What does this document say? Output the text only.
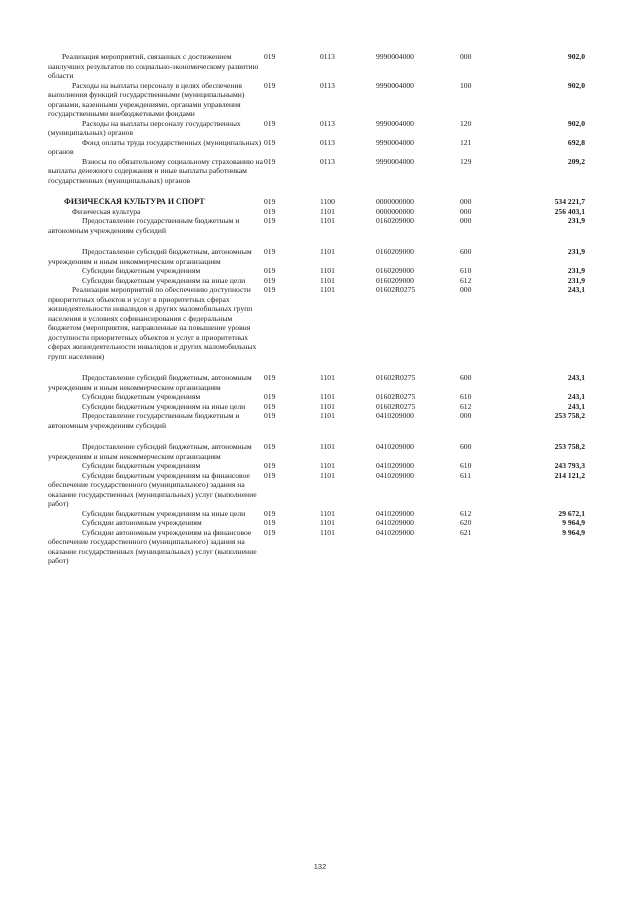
Реализация мероприятий, связанных с достижением наилучших результатов по социально-экономическому развитию области	019	0113	9990004000	000	902,0
Расходы на выплаты персоналу в целях обеспечения выполнения функций государственными (муниципальными) органами, казенными учреждениями, органами управления государственными внебюджетными фондами	019	0113	9990004000	100	902,0
Расходы на выплаты персоналу государственных (муниципальных) органов	019	0113	9990004000	120	902,0
Фонд оплаты труда государственных (муниципальных) органов	019	0113	9990004000	121	692,8
Взносы по обязательному социальному страхованию на выплаты денежного содержания и иные выплаты работникам государственных (муниципальных) органов	019	0113	9990004000	129	209,2

ФИЗИЧЕСКАЯ КУЛЬТУРА И СПОРТ	019	1100	0000000000	000	534 221,7
Физическая культура	019	1101	0000000000	000	256 403,1
Предоставление государственным бюджетным и автономным учреждениям субсидий	019	1101	0160209000	000	231,9

Предоставление субсидий бюджетным, автономным учреждениям и иным некоммерческим организациям	019	1101	0160209000	600	231,9
Субсидии бюджетным учреждениям	019	1101	0160209000	610	231,9
Субсидии бюджетным учреждениям на иные цели	019	1101	0160209000	612	231,9
Реализация мероприятий по обеспечению доступности приоритетных объектов и услуг в приоритетных сферах жизнедеятельности инвалидов и других маломобильных групп населения в условиях софинансирования с федеральным бюджетом (мероприятия, направленные на повышение уровня доступности приоритетных объектов и услуг в приоритетных сферах жизнедеятельности инвалидов и других маломобильных групп населения)	019	1101	01602R0275	000	243,1

Предоставление субсидий бюджетным, автономным учреждениям и иным некоммерческим организациям	019	1101	01602R0275	600	243,1
Субсидии бюджетным учреждениям	019	1101	01602R0275	610	243,1
Субсидии бюджетным учреждениям на иные цели	019	1101	01602R0275	612	243,1
Предоставление государственным бюджетным и автономным учреждениям субсидий	019	1101	0410209000	000	253 758,2

Предоставление субсидий бюджетным, автономным учреждениям и иным некоммерческим организациям	019	1101	0410209000	600	253 758,2
Субсидии бюджетным учреждениям	019	1101	0410209000	610	243 793,3
Субсидии бюджетным учреждениям на финансовое обеспечение государственного (муниципального) задания на оказание государственных (муниципальных) услуг (выполнение работ)	019	1101	0410209000	611	214 121,2
Субсидии бюджетным учреждениям на иные цели	019	1101	0410209000	612	29 672,1
Субсидии автономным учреждениям	019	1101	0410209000	620	9 964,9
Субсидии автономным учреждениям на финансовое обеспечение государственного (муниципального) задания на оказание государственных (муниципальных) услуг (выполнение работ)	019	1101	0410209000	621	9 964,9
132
